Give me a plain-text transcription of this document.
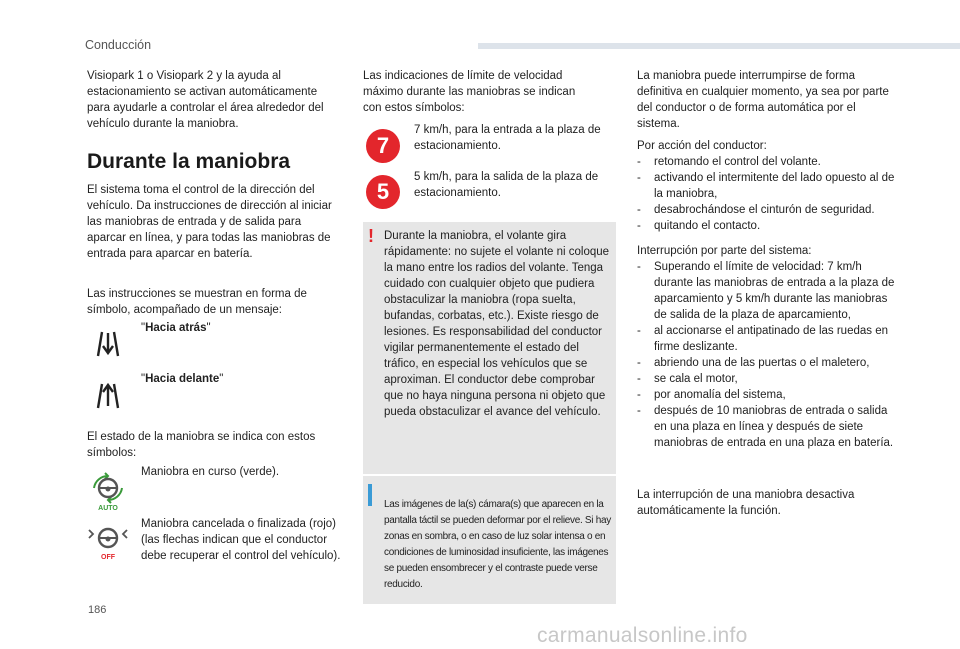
Conducción

Visiopark 1 o Visiopark 2 y la ayuda al estacionamiento se activan automáticamente para ayudarle a controlar el área alrededor del vehículo durante la maniobra.

Durante la maniobra

El sistema toma el control de la dirección del vehículo. Da instrucciones de dirección al iniciar las maniobras de entrada y de salida para aparcar en línea, y para todas las maniobras de entrada para aparcar en batería.

Las instrucciones se muestran en forma de símbolo, acompañado de un mensaje:

"Hacia atrás"
"Hacia delante"

El estado de la maniobra se indica con estos símbolos:

AUTO

Maniobra en curso (verde).

OFF

Maniobra cancelada o finalizada (rojo) (las flechas indican que el conductor debe recuperar el control del vehículo).

Las indicaciones de límite de velocidad máximo durante las maniobras se indican con estos símbolos:

7

7 km/h, para la entrada a la plaza de estacionamiento.

5

5 km/h, para la salida de la plaza de estacionamiento.

! Durante la maniobra, el volante gira rápidamente: no sujete el volante ni coloque la mano entre los radios del volante. Tenga cuidado con cualquier objeto que pudiera obstaculizar la maniobra (ropa suelta, bufandas, corbatas, etc.). Existe riesgo de lesiones. Es responsabilidad del conductor vigilar permanentemente el estado del tráfico, en especial los vehículos que se aproximan. El conductor debe comprobar que no haya ninguna persona ni objeto que pueda obstaculizar el avance del vehículo.

Las imágenes de la(s) cámara(s) que aparecen en la pantalla táctil se pueden deformar por el relieve. Si hay zonas en sombra, o en caso de luz solar intensa o en condiciones de luminosidad insuficiente, las imágenes se pueden ensombrecer y el contraste puede verse reducido.

La maniobra puede interrumpirse de forma definitiva en cualquier momento, ya sea por parte del conductor o de forma automática por el sistema.

Por acción del conductor:

- retomando el control del volante.
- activando el intermitente del lado opuesto al de la maniobra,
- desabrochándose el cinturón de seguridad.
- quitando el contacto.

Interrupción por parte del sistema:

- Superando el límite de velocidad: 7 km/h durante las maniobras de entrada a la plaza de aparcamiento y 5 km/h durante las maniobras de salida de la plaza de aparcamiento,
- al accionarse el antipatinado de las ruedas en firme deslizante.
- abriendo una de las puertas o el maletero,
- se cala el motor,
- por anomalía del sistema,
- después de 10 maniobras de entrada o salida en una plaza en línea y después de siete maniobras de entrada en una plaza en batería.

La interrupción de una maniobra desactiva automáticamente la función.

186
carmanualsonline.info
